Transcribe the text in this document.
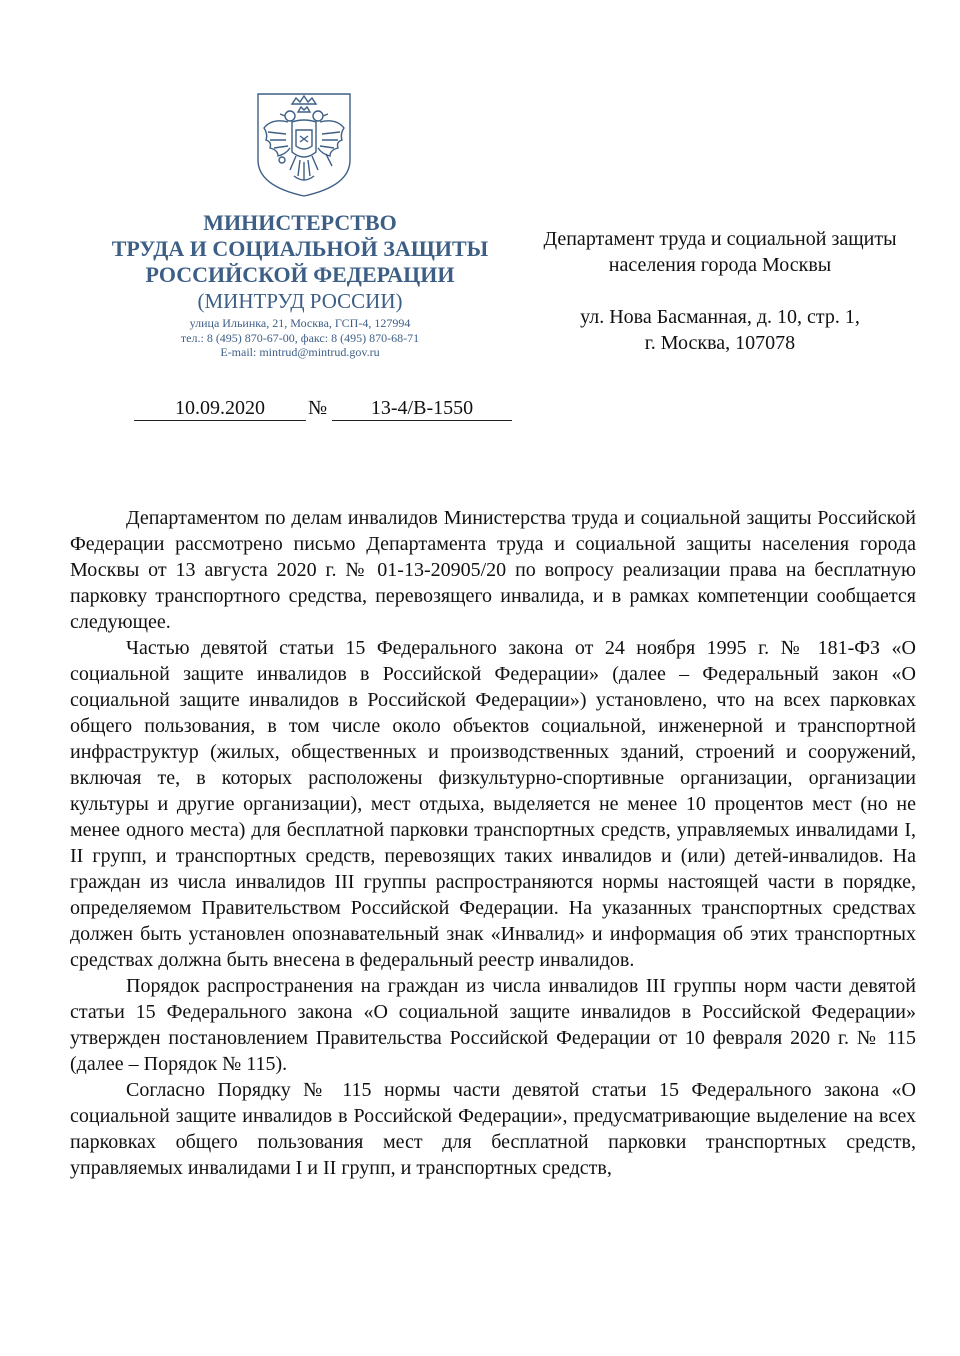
МИНИСТЕРСТВО
ТРУДА И СОЦИАЛЬНОЙ ЗАЩИТЫ
РОССИЙСКОЙ ФЕДЕРАЦИИ
(МИНТРУД РОССИИ)
улица Ильинка, 21, Москва, ГСП-4, 127994
тел.: 8 (495) 870-67-00, факс: 8 (495) 870-68-71
E-mail: mintrud@mintrud.gov.ru
Департамент труда и социальной защиты
населения города Москвы
ул. Нова Басманная, д. 10, стр. 1,
г. Москва, 107078
10.09.2020	№	13-4/В-1550

Департаментом по делам инвалидов Министерства труда и социальной защиты Российской Федерации рассмотрено письмо Департамента труда и социальной защиты населения города Москвы от 13 августа 2020 г. № 01-13-20905/20 по вопросу реализации права на бесплатную парковку транспортного средства, перевозящего инвалида, и в рамках компетенции сообщается следующее.

Частью девятой статьи 15 Федерального закона от 24 ноября 1995 г. № 181-ФЗ «О социальной защите инвалидов в Российской Федерации» (далее – Федеральный закон «О социальной защите инвалидов в Российской Федерации») установлено, что на всех парковках общего пользования, в том числе около объектов социальной, инженерной и транспортной инфраструктур (жилых, общественных и производственных зданий, строений и сооружений, включая те, в которых расположены физкультурно-спортивные организации, организации культуры и другие организации), мест отдыха, выделяется не менее 10 процентов мест (но не менее одного места) для бесплатной парковки транспортных средств, управляемых инвалидами I, II групп, и транспортных средств, перевозящих таких инвалидов и (или) детей-инвалидов. На граждан из числа инвалидов III группы распространяются нормы настоящей части в порядке, определяемом Правительством Российской Федерации. На указанных транспортных средствах должен быть установлен опознавательный знак «Инвалид» и информация об этих транспортных средствах должна быть внесена в федеральный реестр инвалидов.

Порядок распространения на граждан из числа инвалидов III группы норм части девятой статьи 15 Федерального закона «О социальной защите инвалидов в Российской Федерации» утвержден постановлением Правительства Российской Федерации от 10 февраля 2020 г. № 115 (далее – Порядок № 115).

Согласно Порядку № 115 нормы части девятой статьи 15 Федерального закона «О социальной защите инвалидов в Российской Федерации», предусматривающие выделение на всех парковках общего пользования мест для бесплатной парковки транспортных средств, управляемых инвалидами I и II групп, и транспортных средств,
